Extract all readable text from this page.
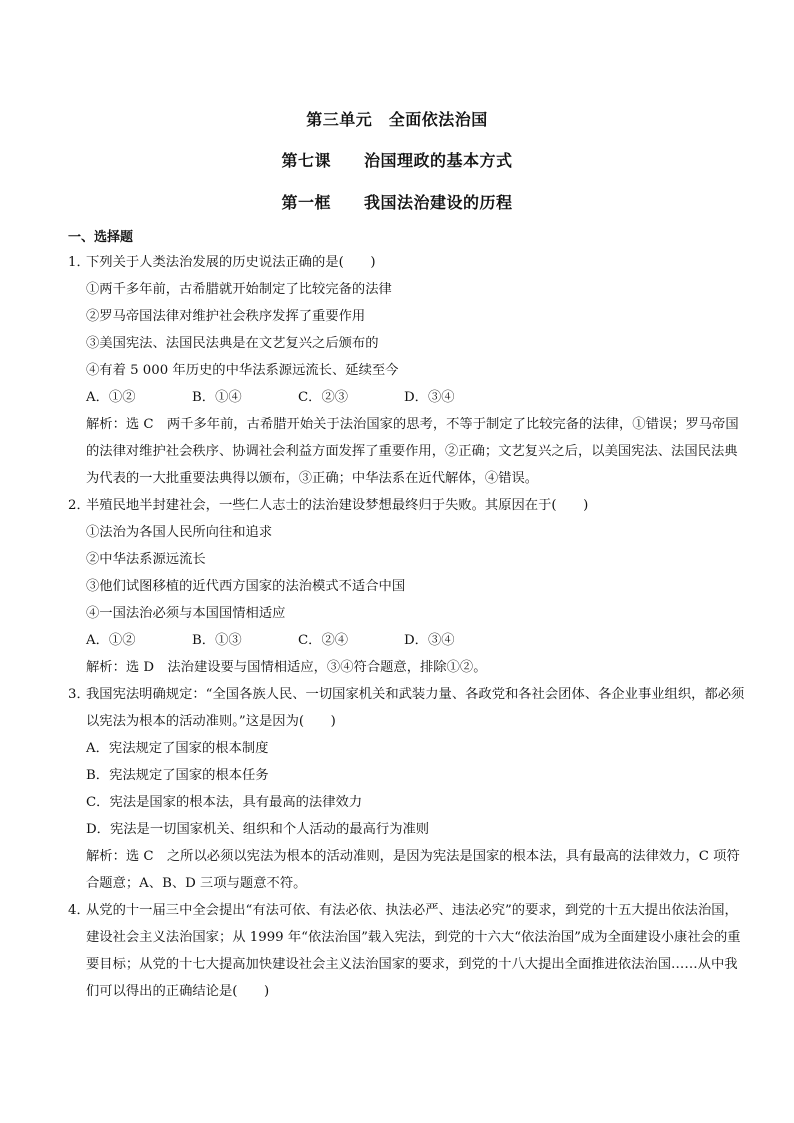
第三单元　全面依法治国
第七课　　治国理政的基本方式
第一框　　我国法治建设的历程
一、选择题
1．
下列关于人类法治发展的历史说法正确的是(　　)
①两千多年前，古希腊就开始制定了比较完备的法律
②罗马帝国法律对维护社会秩序发挥了重要作用
③美国宪法、法国民法典是在文艺复兴之后颁布的
④有着 5 000 年历史的中华法系源远流长、延续至今
A．①②	B．①④	C．②③	D．③④
解析：选 C　两千多年前，古希腊开始关于法治国家的思考，不等于制定了比较完备的法律，①错误；罗马帝国的法律对维护社会秩序、协调社会利益方面发挥了重要作用，②正确；文艺复兴之后，以美国宪法、法国民法典为代表的一大批重要法典得以颁布，③正确；中华法系在近代解体，④错误。
2．
半殖民地半封建社会，一些仁人志士的法治建设梦想最终归于失败。其原因在于(　　)
①法治为各国人民所向往和追求
②中华法系源远流长
③他们试图移植的近代西方国家的法治模式不适合中国
④一国法治必须与本国国情相适应
A．①②	B．①③	C．②④	D．③④
解析：选 D　法治建设要与国情相适应，③④符合题意，排除①②。
3．
我国宪法明确规定：“全国各族人民、一切国家机关和武装力量、各政党和各社会团体、各企业事业组织，都必须以宪法为根本的活动准则。”这是因为(　　)
A．宪法规定了国家的根本制度
B．宪法规定了国家的根本任务
C．宪法是国家的根本法，具有最高的法律效力
D．宪法是一切国家机关、组织和个人活动的最高行为准则
解析：选 C　之所以必须以宪法为根本的活动准则，是因为宪法是国家的根本法，具有最高的法律效力，C 项符合题意；A、B、D 三项与题意不符。
4．
从党的十一届三中全会提出“有法可依、有法必依、执法必严、违法必究”的要求，到党的十五大提出依法治国，建设社会主义法治国家；从 1999 年“依法治国”载入宪法，到党的十六大“依法治国”成为全面建设小康社会的重要目标；从党的十七大提高加快建设社会主义法治国家的要求，到党的十八大提出全面推进依法治国……从中我们可以得出的正确结论是(　　)
